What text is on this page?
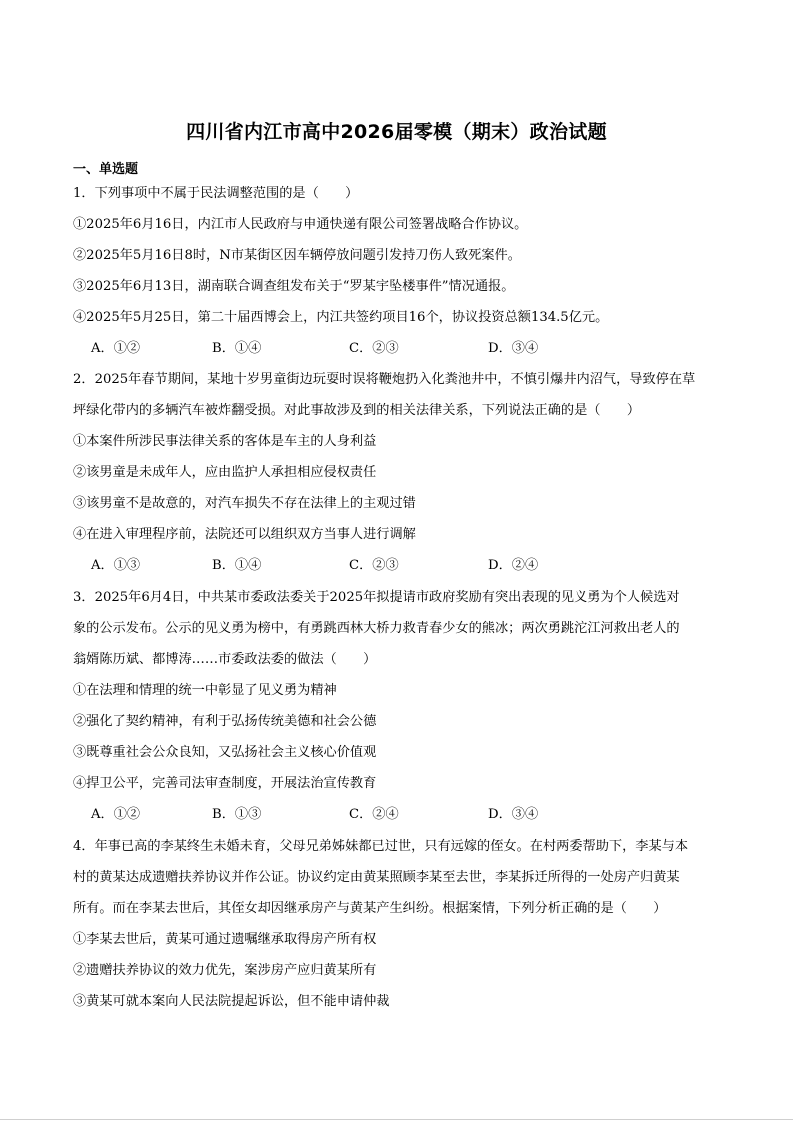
四川省内江市高中2026届零模（期末）政治试题
一、单选题
1．下列事项中不属于民法调整范围的是（　　）
①2025年6月16日，内江市人民政府与申通快递有限公司签署战略合作协议。
②2025年5月16日8时，N市某街区因车辆停放问题引发持刀伤人致死案件。
③2025年6月13日，湖南联合调查组发布关于“罗某宇坠楼事件”情况通报。
④2025年5月25日，第二十届西博会上，内江共签约项目16个，协议投资总额134.5亿元。
A．①②	B．①④	C．②③	D．③④
2．2025年春节期间，某地十岁男童街边玩耍时误将鞭炮扔入化粪池井中，不慎引爆井内沼气，导致停在草
坪绿化带内的多辆汽车被炸翻受损。对此事故涉及到的相关法律关系，下列说法正确的是（　　）
①本案件所涉民事法律关系的客体是车主的人身利益
②该男童是未成年人，应由监护人承担相应侵权责任
③该男童不是故意的，对汽车损失不存在法律上的主观过错
④在进入审理程序前，法院还可以组织双方当事人进行调解
A．①③	B．①④	C．②③	D．②④
3．2025年6月4日，中共某市委政法委关于2025年拟提请市政府奖励有突出表现的见义勇为个人候选对
象的公示发布。公示的见义勇为榜中，有勇跳西林大桥力救青春少女的熊冰；两次勇跳沱江河救出老人的
翁婿陈历斌、都博涛……市委政法委的做法（　　）
①在法理和情理的统一中彰显了见义勇为精神
②强化了契约精神，有利于弘扬传统美德和社会公德
③既尊重社会公众良知，又弘扬社会主义核心价值观
④捍卫公平，完善司法审查制度，开展法治宣传教育
A．①②	B．①③	C．②④	D．③④
4．年事已高的李某终生未婚未育，父母兄弟姊妹都已过世，只有远嫁的侄女。在村两委帮助下，李某与本
村的黄某达成遗赠扶养协议并作公证。协议约定由黄某照顾李某至去世，李某拆迁所得的一处房产归黄某
所有。而在李某去世后，其侄女却因继承房产与黄某产生纠纷。根据案情，下列分析正确的是（　　）
①李某去世后，黄某可通过遗嘱继承取得房产所有权
②遗赠扶养协议的效力优先，案涉房产应归黄某所有
③黄某可就本案向人民法院提起诉讼，但不能申请仲裁
